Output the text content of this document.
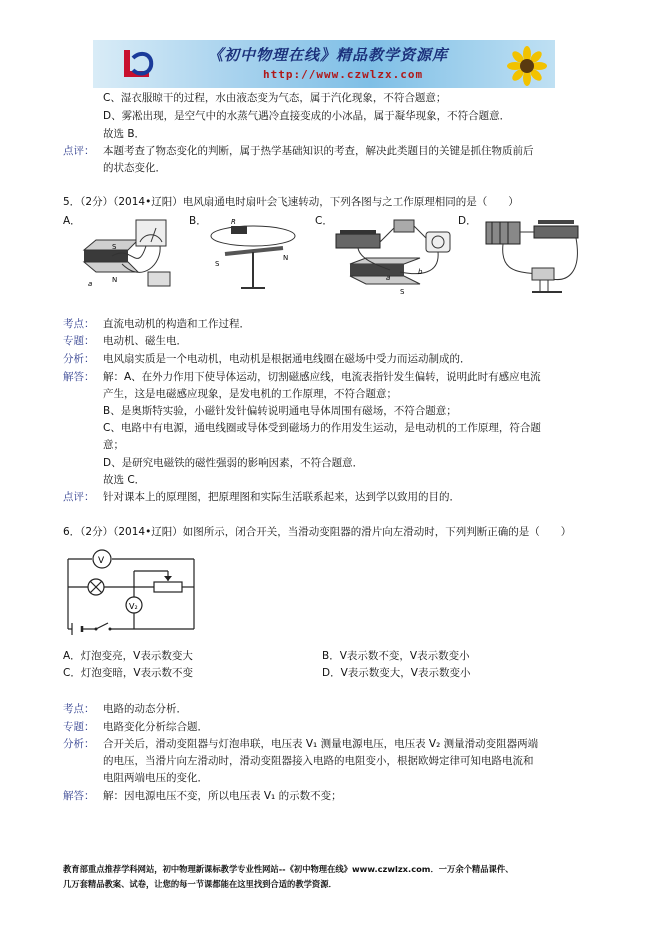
《初中物理在线》精品教学资源库
http://www.czwlzx.com
C、湿衣服晾干的过程，水由液态变为气态，属于汽化现象，不符合题意；
D、雾凇出现，是空气中的水蒸气遇冷直接变成的小冰晶，属于凝华现象，不符合题意．
故选 B．
点评： 本题考查了物态变化的判断，属于热学基础知识的考查，解决此类题目的关键是抓住物质前后
的状态变化．
5．（2分）（2014•辽阳）电风扇通电时扇叶会飞速转动，下列各图与之工作原理相同的是（　　）
A．	B．	C．	D．
S
N
a
R
S
N
a
b
S
考点： 直流电动机的构造和工作过程．
专题： 电动机、磁生电．
分析： 电风扇实质是一个电动机，电动机是根据通电线圈在磁场中受力而运动制成的．
解答： 解：A、在外力作用下使导体运动，切割磁感应线，电流表指针发生偏转，说明此时有感应电流
产生，这是电磁感应现象，是发电机的工作原理，不符合题意；
B、是奥斯特实验，小磁针发针偏转说明通电导体周围有磁场，不符合题意；
C、电路中有电源，通电线圈或导体受到磁场力的作用发生运动，是电动机的工作原理，符合题
意；
D、是研究电磁铁的磁性强弱的影响因素，不符合题意．
故选 C．
点评： 针对课本上的原理图，把原理图和实际生活联系起来，达到学以致用的目的．
6．（2分）（2014•辽阳）如图所示，闭合开关，当滑动变阻器的滑片向左滑动时，下列判断正确的是（　　）
V
V₂
A．灯泡变亮，V表示数变大	B．V表示数不变，V表示数变小
C．灯泡变暗，V表示数不变	D．V表示数变大，V表示数变小
考点： 电路的动态分析．
专题： 电路变化分析综合题．
分析： 合开关后，滑动变阻器与灯泡串联，电压表 V₁ 测量电源电压，电压表 V₂ 测量滑动变阻器两端
的电压，当滑片向左滑动时，滑动变阻器接入电路的电阻变小，根据欧姆定律可知电路电流和
电阻两端电压的变化．
解答： 解：因电源电压不变，所以电压表 V₁ 的示数不变；
教育部重点推荐学科网站，初中物理新课标教学专业性网站--《初中物理在线》www.czwlzx.com．一万余个精品课件、
几万套精品教案、试卷，让您的每一节课都能在这里找到合适的教学资源．
